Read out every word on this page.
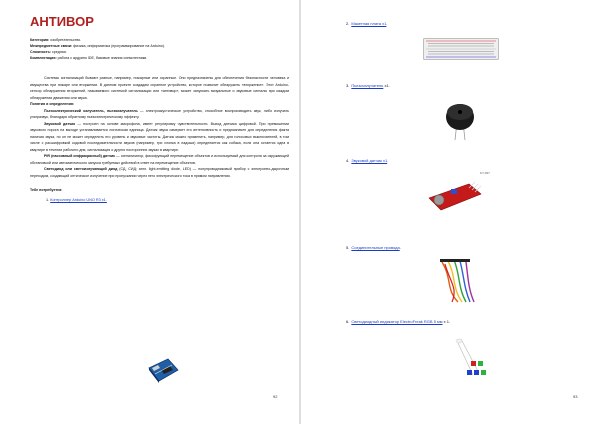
АНТИВОР

Категория: изобретательство.

Межпредметные связи: физика, информатика (программирование на Arduino).

Сложность: средняя.

Комплектация: работа с ардуино IDE, базовые знания схемотехники.

Системы сигнализаций бывают разные, например, пожарные или охранные. Они предназначены для обеспечения безопасности человека и имущества при пожаре или вторжении. В данном проекте создадим охранное устройство, которое позволит обнаружить «вторжение». Этот Arduino-сенсор обнаружения вторжений, называемого системой сигнализации или «антивор», может запускать визуальные и звуковые сигналы при каждом обнаружении движения или звука.

Понятия и определения:

Пьезоэлектрический излучатель, пьезоизлучатель — электроакустическое устройство, способное воспроизводить звук, либо излучать ультразвук, благодаря обратному пьезоэлектрическому эффекту.

Звуковой датчик — построен на основе микрофона, имеет регулировку чувствительности. Выход датчика цифровой. При превышении звукового порога на выходе устанавливается логическая единица. Датчик звука измеряет его интенсивность и предназначен для определения факта наличия звука, но он не может определить его уровень и звуковые частоты. Датчик можно применить, например, для голосовых выключателей, в том числе с расшифровкой кодовой последовательности звуков (например, три хлопка в ладоши) определяется как собака, если она остается одна в квартире в течении рабочего дня, сигнализация о других посторонних звуках в квартире.

PIR (пассивный инфракрасный) датчик — сигнализатор, фиксирующий перемещение объектов и используемый для контроля за окружающей обстановкой или автоматического запуска требуемых действий в ответ на перемещение объектов.

Светодиод или светоизлучающий диод (СД, СИД; англ. light-emitting diode, LED) — полупроводниковый прибор с электронно-дырочным переходом, создающий оптическое излучение при пропускании через него электрического тока в прямом направлении.

Тебе потребуется:

1. Контроллер Arduino UNO R3 x1.

92
2. Макетная плата x1.
3. Пьезоизлучатель x1.
4. Звуковой датчик x1.
KY-037
5. Соединительные провода.
6. Светодиодный индикатор ElectroFreak RGB 5 мм x 1.
93
